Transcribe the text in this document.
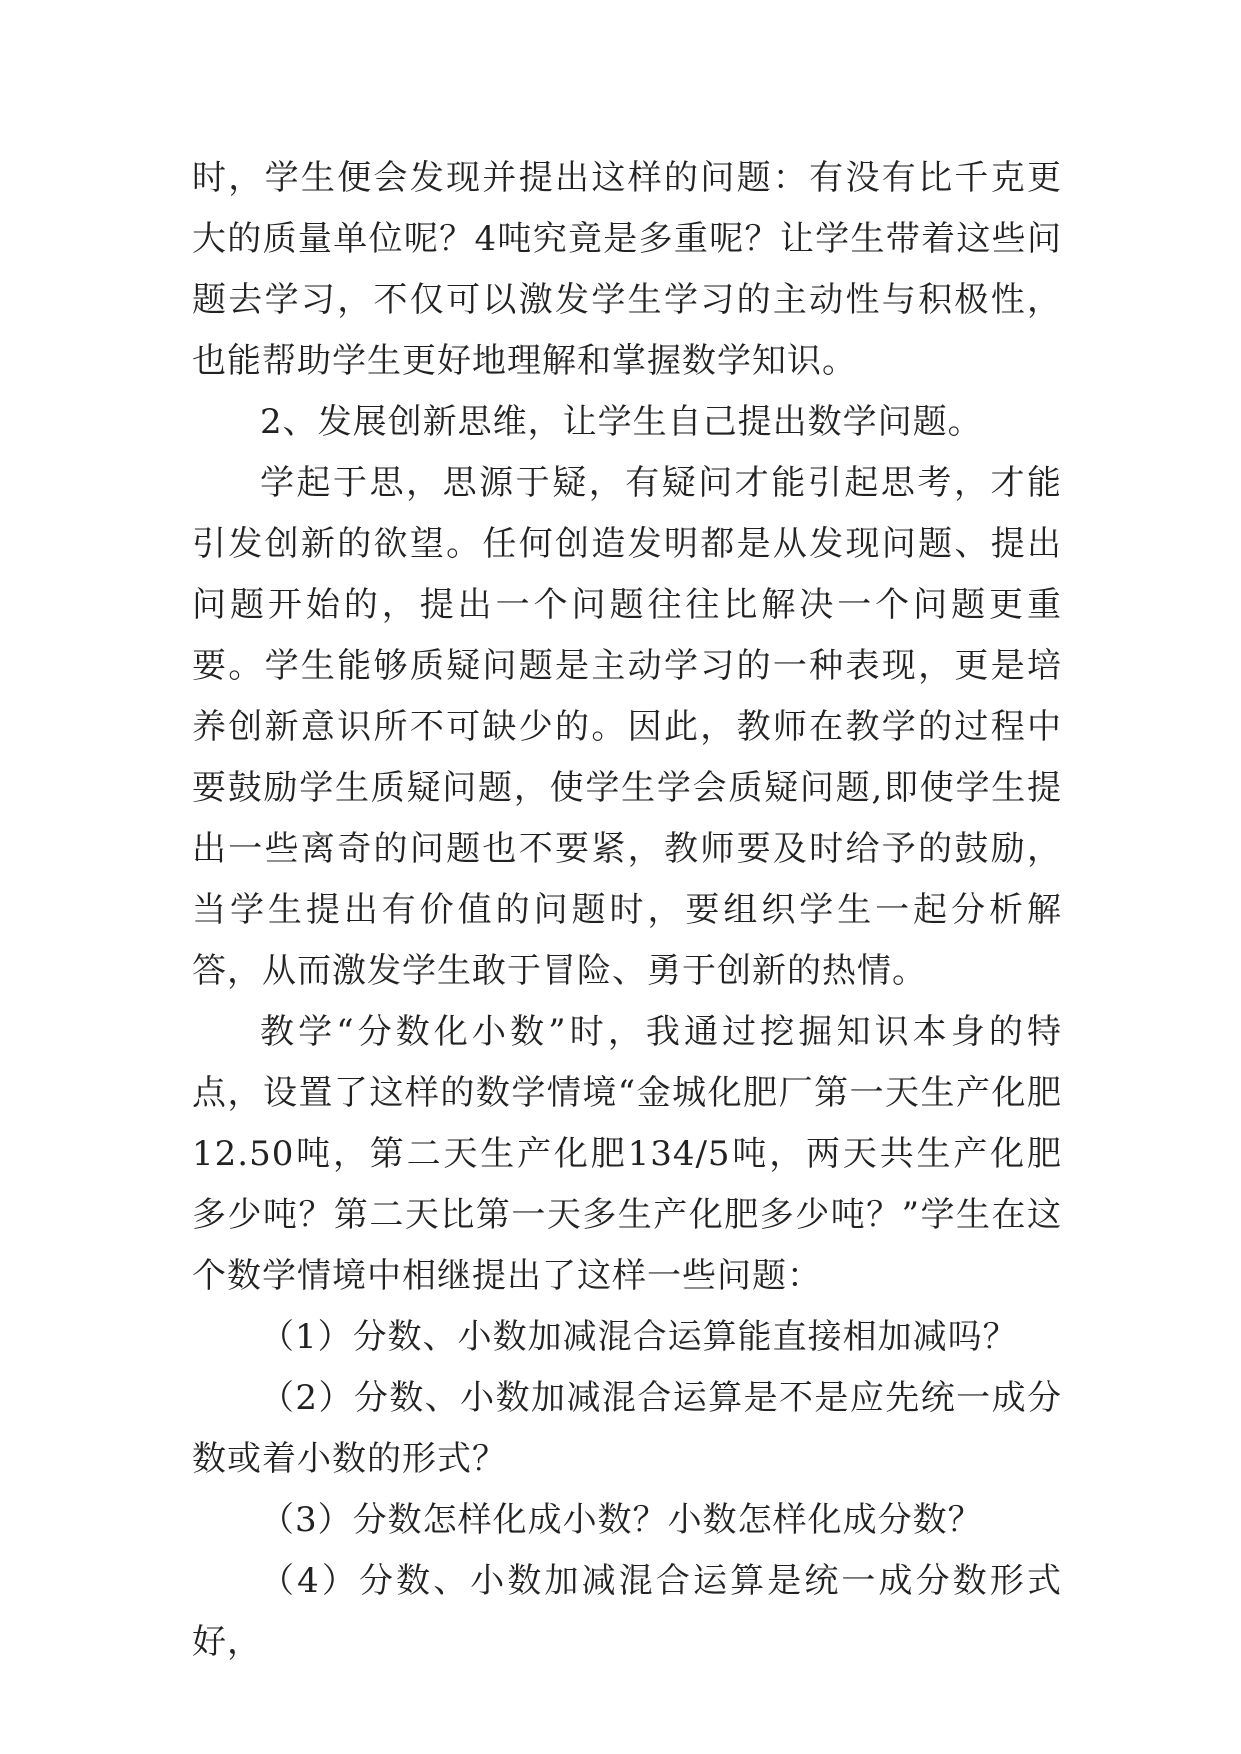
时，学生便会发现并提出这样的问题：有没有比千克更大的质量单位呢？4吨究竟是多重呢？让学生带着这些问题去学习，不仅可以激发学生学习的主动性与积极性，也能帮助学生更好地理解和掌握数学知识。

2、发展创新思维，让学生自己提出数学问题。

学起于思，思源于疑，有疑问才能引起思考，才能引发创新的欲望。任何创造发明都是从发现问题、提出问题开始的，提出一个问题往往比解决一个问题更重要。学生能够质疑问题是主动学习的一种表现，更是培养创新意识所不可缺少的。因此，教师在教学的过程中要鼓励学生质疑问题，使学生学会质疑问题,即使学生提出一些离奇的问题也不要紧，教师要及时给予的鼓励，当学生提出有价值的问题时，要组织学生一起分析解答，从而激发学生敢于冒险、勇于创新的热情。

教学“分数化小数”时，我通过挖掘知识本身的特点，设置了这样的数学情境“金城化肥厂第一天生产化肥12.50吨，第二天生产化肥134/5吨，两天共生产化肥多少吨？第二天比第一天多生产化肥多少吨？”学生在这个数学情境中相继提出了这样一些问题：

（1）分数、小数加减混合运算能直接相加减吗？

（2）分数、小数加减混合运算是不是应先统一成分数或着小数的形式？

（3）分数怎样化成小数？小数怎样化成分数？

（4）分数、小数加减混合运算是统一成分数形式好，
